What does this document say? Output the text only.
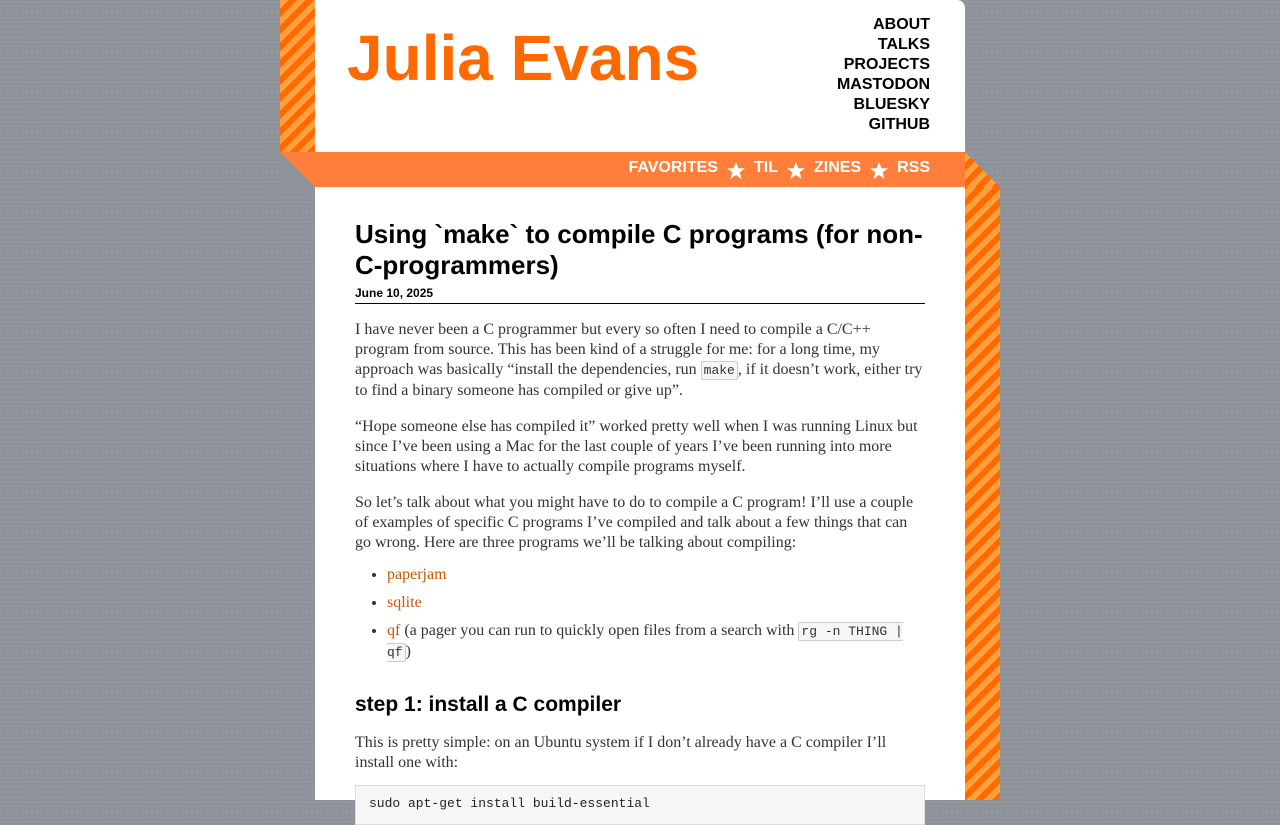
Julia Evans	ABOUT
TALKS
PROJECTS
MASTODON
BLUESKY
GITHUB
FAVORITES TIL ZINES RSS
Using `make` to compile C programs (for non-C-programmers)
June 10, 2025

I have never been a C programmer but every so often I need to compile a C/C++ program from source. This has been kind of a struggle for me: for a long time, my approach was basically “install the dependencies, run make , if it doesn’t work, either try to find a binary someone has compiled or give up”.

“Hope someone else has compiled it” worked pretty well when I was running Linux but since I’ve been using a Mac for the last couple of years I’ve been running into more situations where I have to actually compile programs myself.

So let’s talk about what you might have to do to compile a C program! I’ll use a couple of examples of specific C programs I’ve compiled and talk about a few things that can go wrong. Here are three programs we’ll be talking about compiling:

• paperjam
• sqlite
• qf (a pager you can run to quickly open files from a search with rg -n THING | qf )
step 1: install a C compiler

This is pretty simple: on an Ubuntu system if I don’t already have a C compiler I’ll install one with:

sudo apt-get install build-essential
